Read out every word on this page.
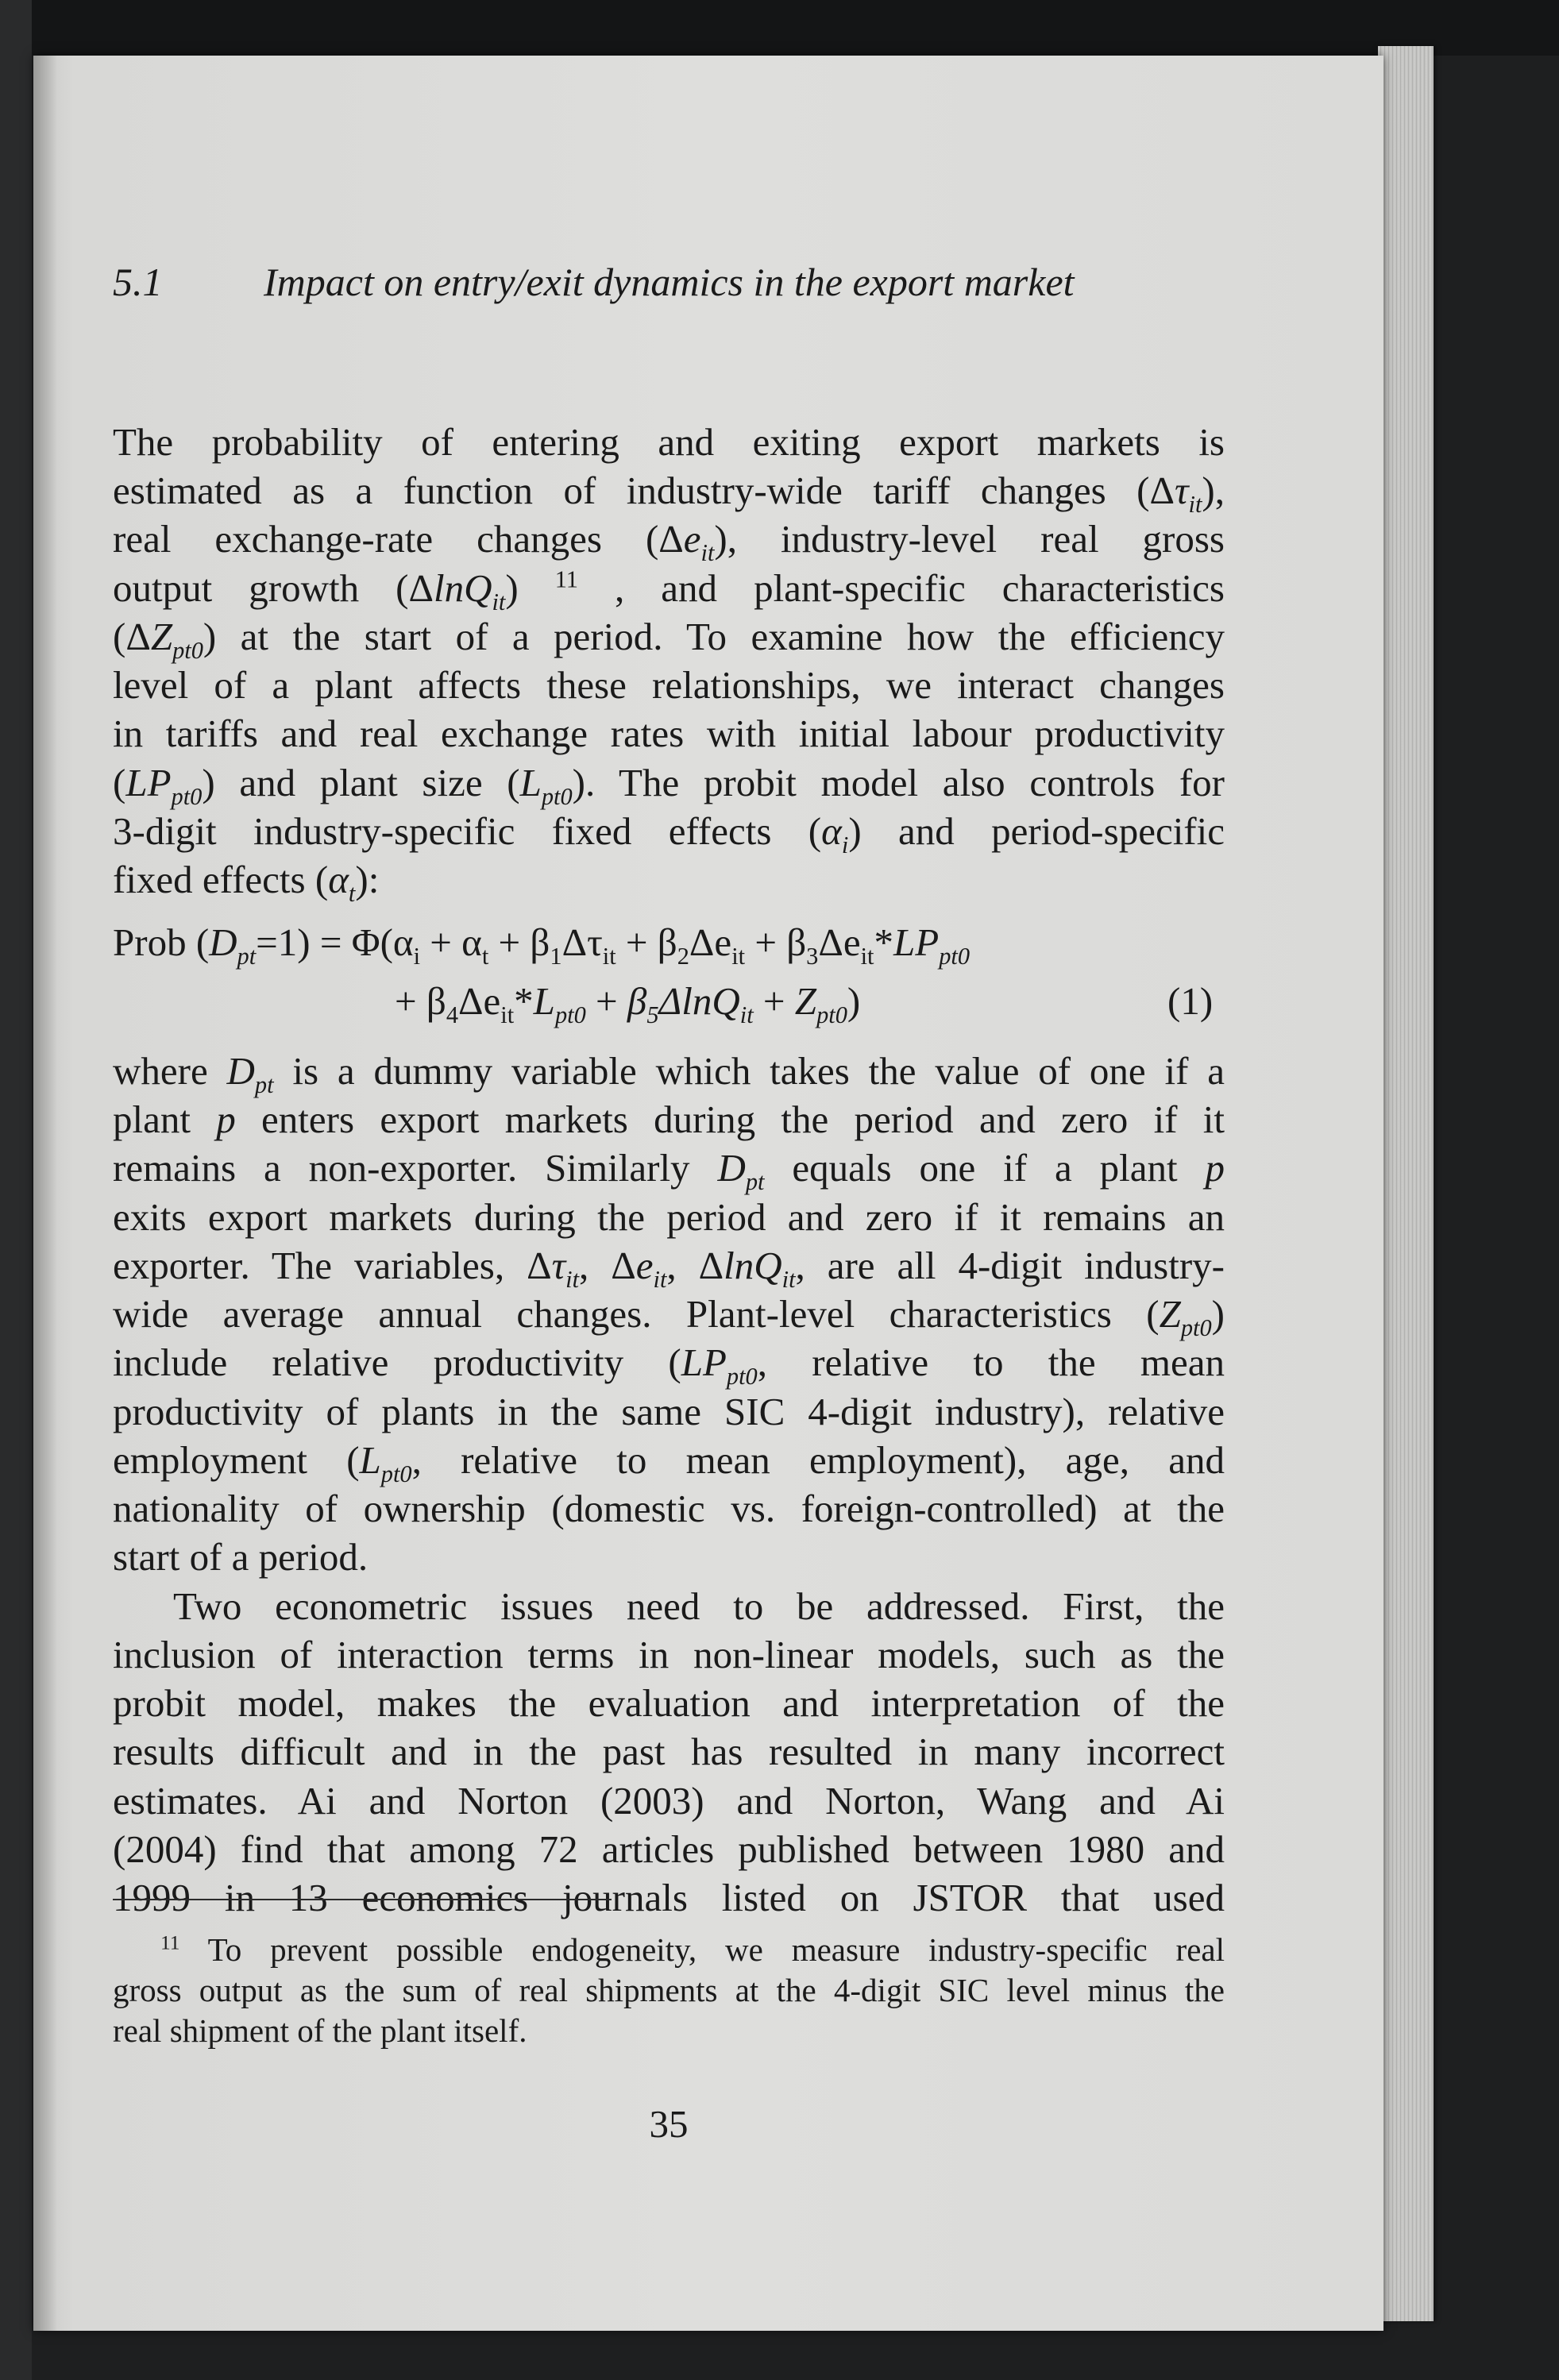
5.1	Impact on entry/exit dynamics in the export market
The probability of entering and exiting export markets is
estimated as a function of industry-wide tariff changes $(\Delta\tau_{it})$,
real exchange-rate changes $(\Delta e_{it})$, industry-level real gross
output growth (ΔlnQ$_{it}$) $^{11}$ , and plant-specific characteristics
$(\Delta Z_{pt0})$ at the start of a period. To examine how the efficiency
level of a plant affects these relationships, we interact changes
in tariffs and real exchange rates with initial labour productivity
$(LP_{pt0})$ and plant size $(L_{pt0})$. The probit model also controls for
3-digit industry-specific fixed effects $(\alpha_i)$ and period-specific
fixed effects $(\alpha_t)$:
Prob $(D_{pt}=1) = \Phi(\alpha_i + \alpha_t + \beta_1\Delta\tau_{it} + \beta_2\Delta e_{it} + \beta_3\Delta e_{it}*LP_{pt0}$
+ $\beta_4\Delta e_{it}*L_{pt0} + \beta_5\Delta\ln Q_{it} + Z_{pt0}$)	(1)
where $D_{pt}$ is a dummy variable which takes the value of one if a
plant p enters export markets during the period and zero if it
remains a non-exporter. Similarly $D_{pt}$ equals one if a plant p
exits export markets during the period and zero if it remains an
exporter. The variables, $\Delta\tau_{it}$, $\Delta e_{it}$, ΔlnQ$_{it}$, are all 4-digit industry-
wide average annual changes. Plant-level characteristics $(Z_{pt0})$
include relative productivity ($LP_{pt0}$, relative to the mean
productivity of plants in the same SIC 4-digit industry), relative
employment ($L_{pt0}$, relative to mean employment), age, and
nationality of ownership (domestic vs. foreign-controlled) at the
start of a period.
Two econometric issues need to be addressed. First, the
inclusion of interaction terms in non-linear models, such as the
probit model, makes the evaluation and interpretation of the
results difficult and in the past has resulted in many incorrect
estimates. Ai and Norton (2003) and Norton, Wang and Ai
(2004) find that among 72 articles published between 1980 and
1999 in 13 economics journals listed on JSTOR that used
$^{11}$ To prevent possible endogeneity, we measure industry-specific real
gross output as the sum of real shipments at the 4-digit SIC level minus the
real shipment of the plant itself.
35
